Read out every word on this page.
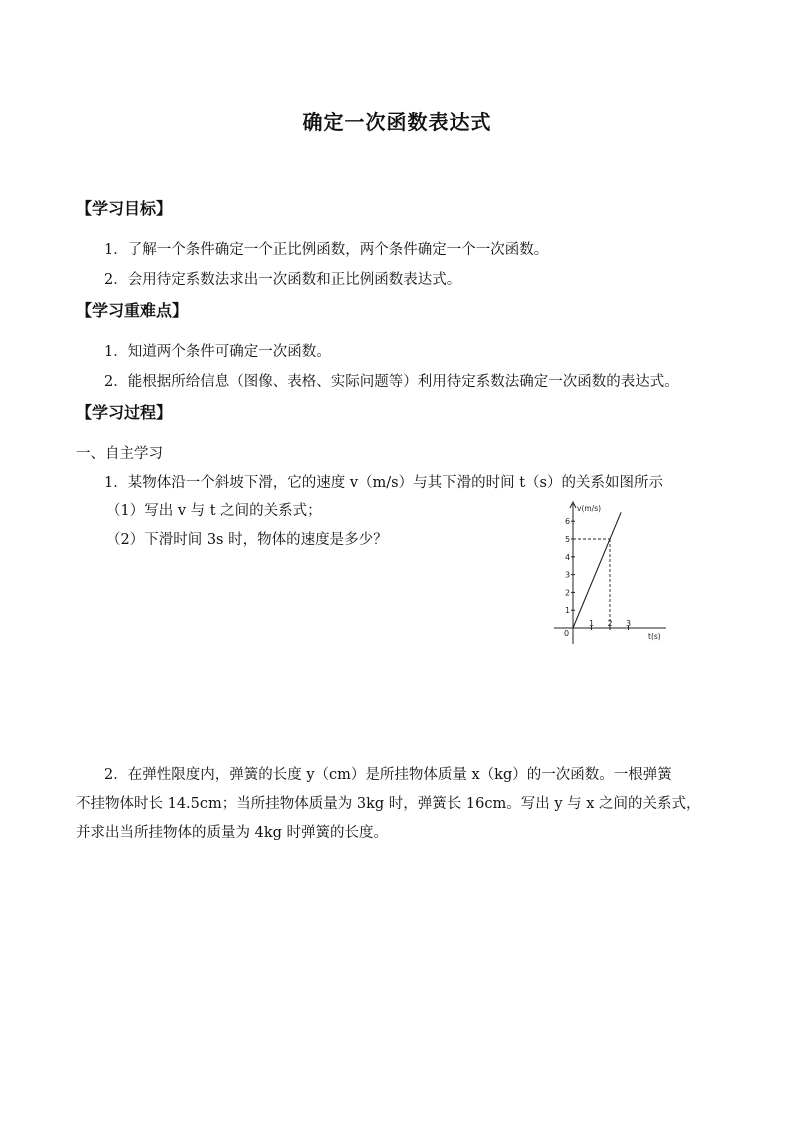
确定一次函数表达式
【学习目标】
1．了解一个条件确定一个正比例函数，两个条件确定一个一次函数。
2．会用待定系数法求出一次函数和正比例函数表达式。
【学习重难点】
1．知道两个条件可确定一次函数。
2．能根据所给信息（图像、表格、实际问题等）利用待定系数法确定一次函数的表达式。
【学习过程】
一、自主学习
1．某物体沿一个斜坡下滑，它的速度 v（m/s）与其下滑的时间 t（s）的关系如图所示
（1）写出 v 与 t 之间的关系式；
（2）下滑时间 3s 时，物体的速度是多少？
v(m/s)
t(s)
0
1
2
3
4
5
6
1 2 3
2．在弹性限度内，弹簧的长度 y（cm）是所挂物体质量 x（kg）的一次函数。一根弹簧
不挂物体时长 14.5cm；当所挂物体质量为 3kg 时，弹簧长 16cm。写出 y 与 x 之间的关系式，
并求出当所挂物体的质量为 4kg 时弹簧的长度。
